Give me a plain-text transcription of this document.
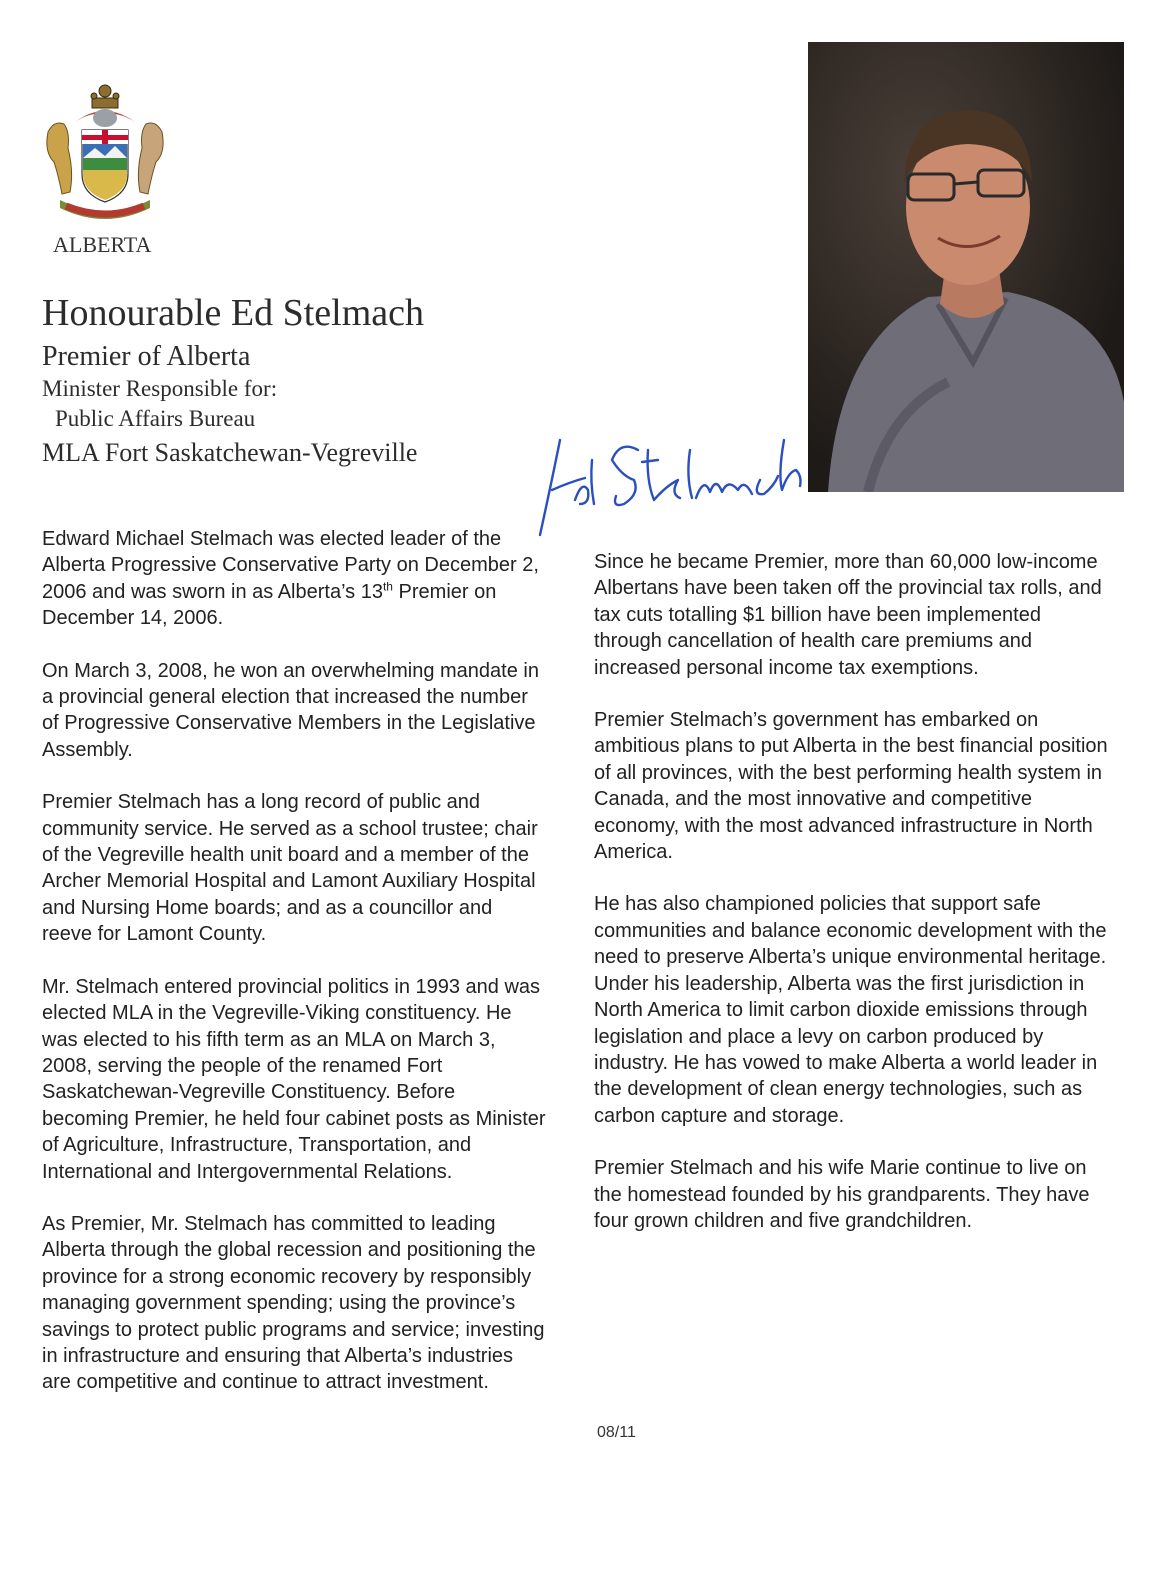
ALBERTA
Honourable Ed Stelmach
Premier of Alberta
Minister Responsible for:
Public Affairs Bureau
MLA Fort Saskatchewan-Vegreville

Edward Michael Stelmach was elected leader of the Alberta Progressive Conservative Party on December 2, 2006 and was sworn in as Alberta’s 13th Premier on December 14, 2006.

On March 3, 2008, he won an overwhelming mandate in a provincial general election that increased the number of Progressive Conservative Members in the Legislative Assembly.

Premier Stelmach has a long record of public and community service. He served as a school trustee; chair of the Vegreville health unit board and a member of the Archer Memorial Hospital and Lamont Auxiliary Hospital and Nursing Home boards; and as a councillor and reeve for Lamont County.

Mr. Stelmach entered provincial politics in 1993 and was elected MLA in the Vegreville-Viking constituency. He was elected to his fifth term as an MLA on March 3, 2008, serving the people of the renamed Fort Saskatchewan-Vegreville Constituency. Before becoming Premier, he held four cabinet posts as Minister of Agriculture, Infrastructure, Transportation, and International and Intergovernmental Relations.

As Premier, Mr. Stelmach has committed to leading Alberta through the global recession and positioning the province for a strong economic recovery by responsibly managing government spending; using the province’s savings to protect public programs and service; investing in infrastructure and ensuring that Alberta’s industries are competitive and continue to attract investment.

Since he became Premier, more than 60,000 low-income Albertans have been taken off the provincial tax rolls, and tax cuts totalling $1 billion have been implemented through cancellation of health care premiums and increased personal income tax exemptions.

Premier Stelmach’s government has embarked on ambitious plans to put Alberta in the best financial position of all provinces, with the best performing health system in Canada, and the most innovative and competitive economy, with the most advanced infrastructure in North America.

He has also championed policies that support safe communities and balance economic development with the need to preserve Alberta’s unique environmental heritage. Under his leadership, Alberta was the first jurisdiction in North America to limit carbon dioxide emissions through legislation and place a levy on carbon produced by industry. He has vowed to make Alberta a world leader in the development of clean energy technologies, such as carbon capture and storage.

Premier Stelmach and his wife Marie continue to live on the homestead founded by his grandparents. They have four grown children and five grandchildren.

08/11
